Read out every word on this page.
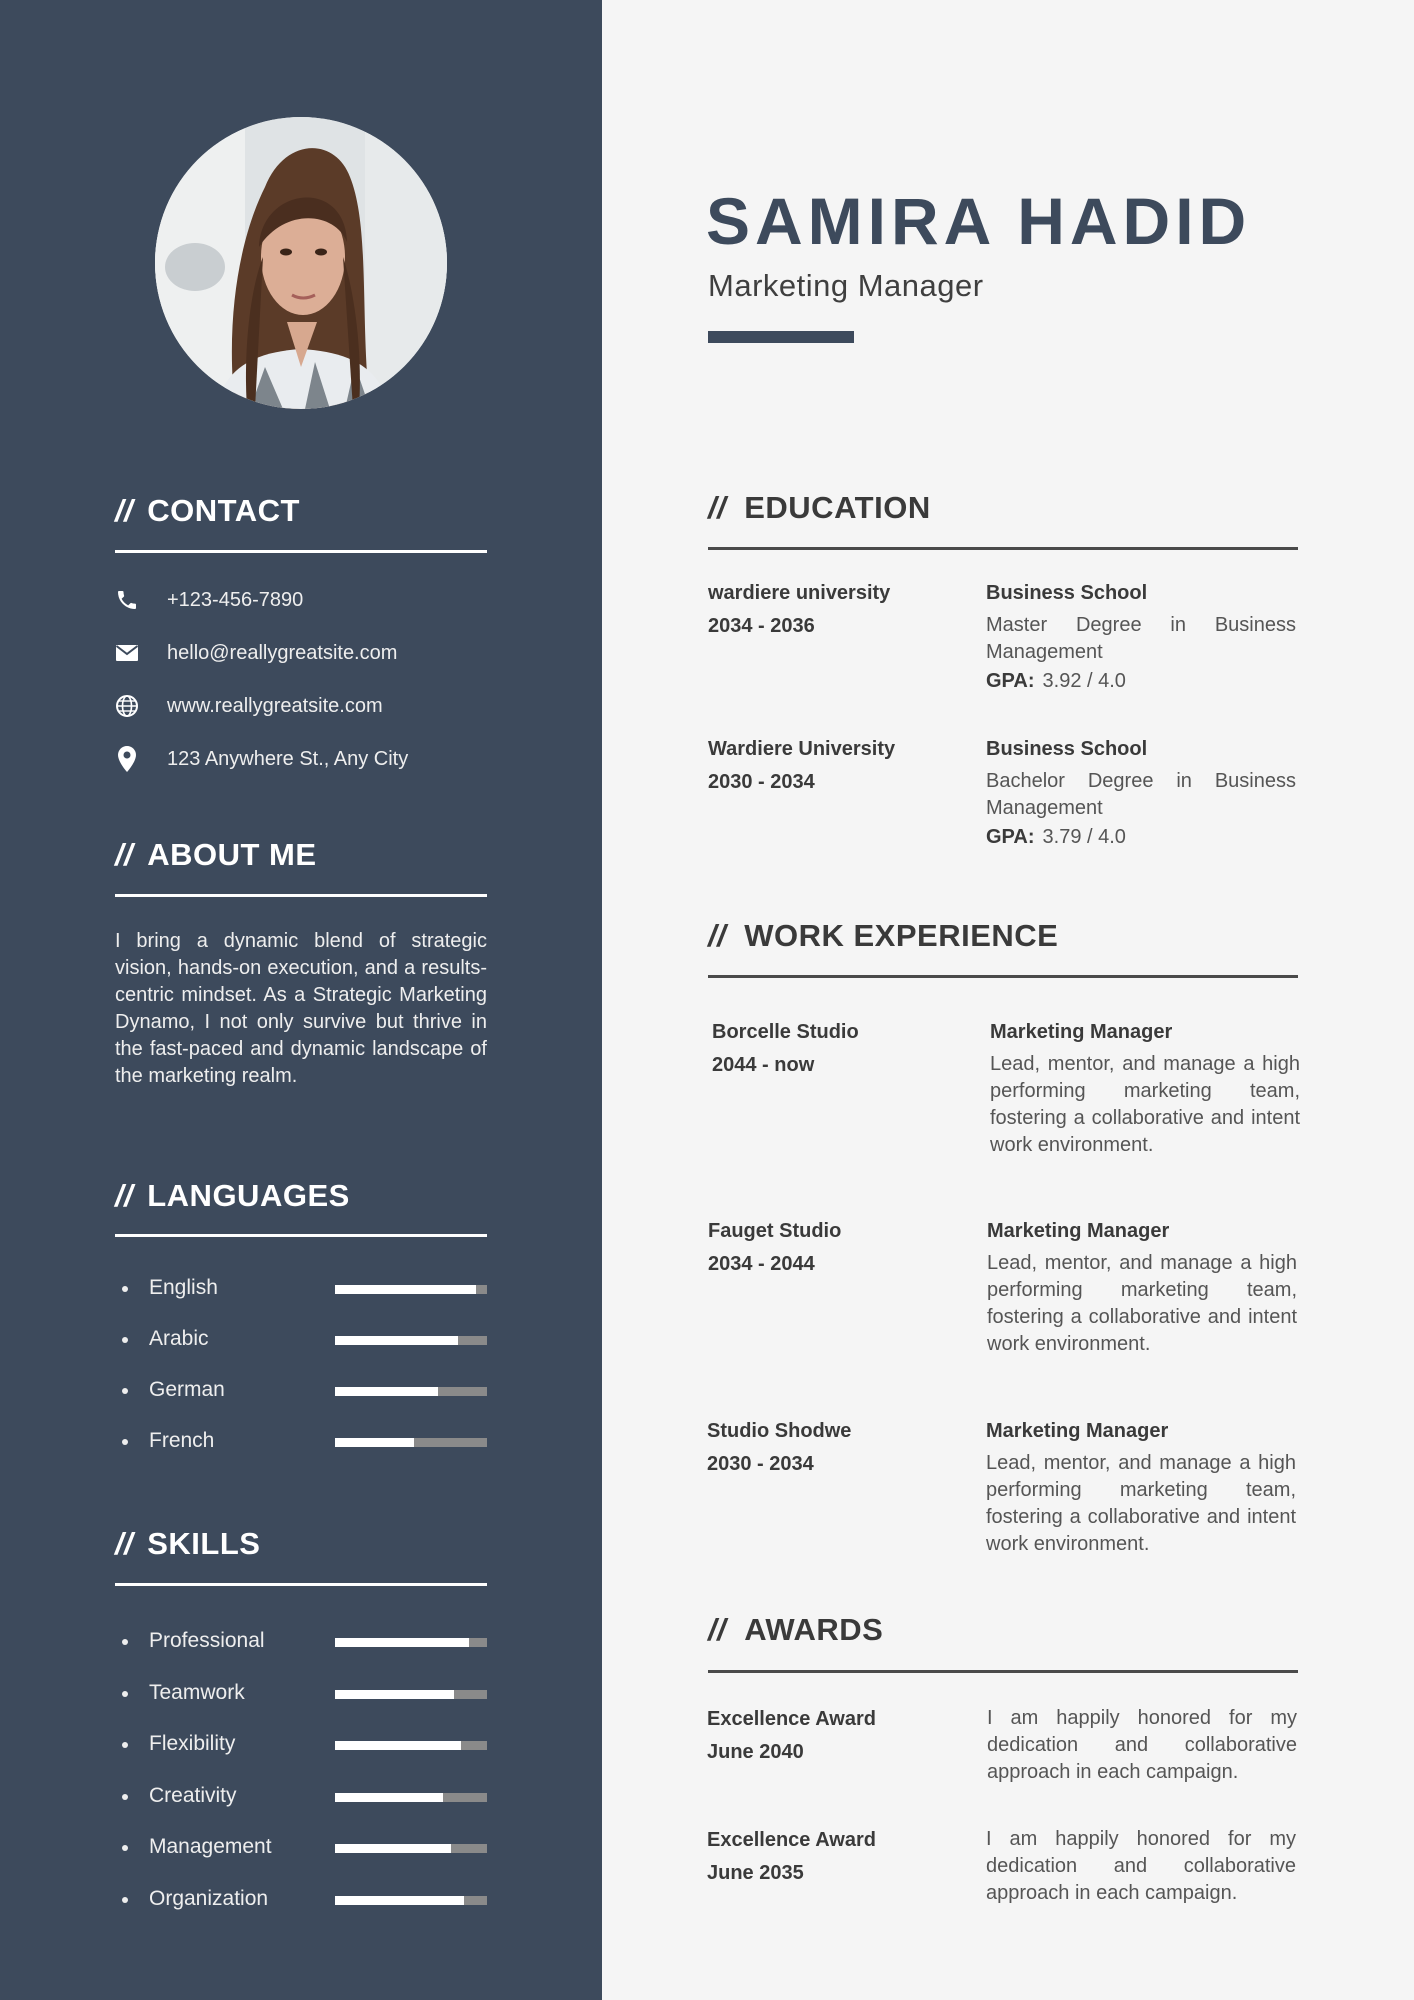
// CONTACT
+123-456-7890
hello@reallygreatsite.com
www.reallygreatsite.com
123 Anywhere St., Any City
// ABOUT ME
I bring a dynamic blend of strategic vision, hands-on execution, and a results-centric mindset. As a Strategic Marketing Dynamo, I not only survive but thrive in the fast-paced and dynamic landscape of the marketing realm.
// LANGUAGES
English
Arabic
German
French
// SKILLS
Professional
Teamwork
Flexibility
Creativity
Management
Organization
SAMIRA HADID
Marketing Manager
// EDUCATION
wardiere university
2034 - 2036
Business School
Master Degree in Business Management
GPA: 3.92 / 4.0
Wardiere University
2030 - 2034
Business School
Bachelor Degree in Business Management
GPA: 3.79 / 4.0
// WORK EXPERIENCE
Borcelle Studio
2044 - now
Marketing Manager
Lead, mentor, and manage a high performing marketing team, fostering a collaborative and intent work environment.
Fauget Studio
2034 - 2044
Marketing Manager
Lead, mentor, and manage a high performing marketing team, fostering a collaborative and intent work environment.
Studio Shodwe
2030 - 2034
Marketing Manager
Lead, mentor, and manage a high performing marketing team, fostering a collaborative and intent work environment.
// AWARDS
Excellence Award
June 2040
I am happily honored for my dedication and collaborative approach in each campaign.
Excellence Award
June 2035
I am happily honored for my dedication and collaborative approach in each campaign.
